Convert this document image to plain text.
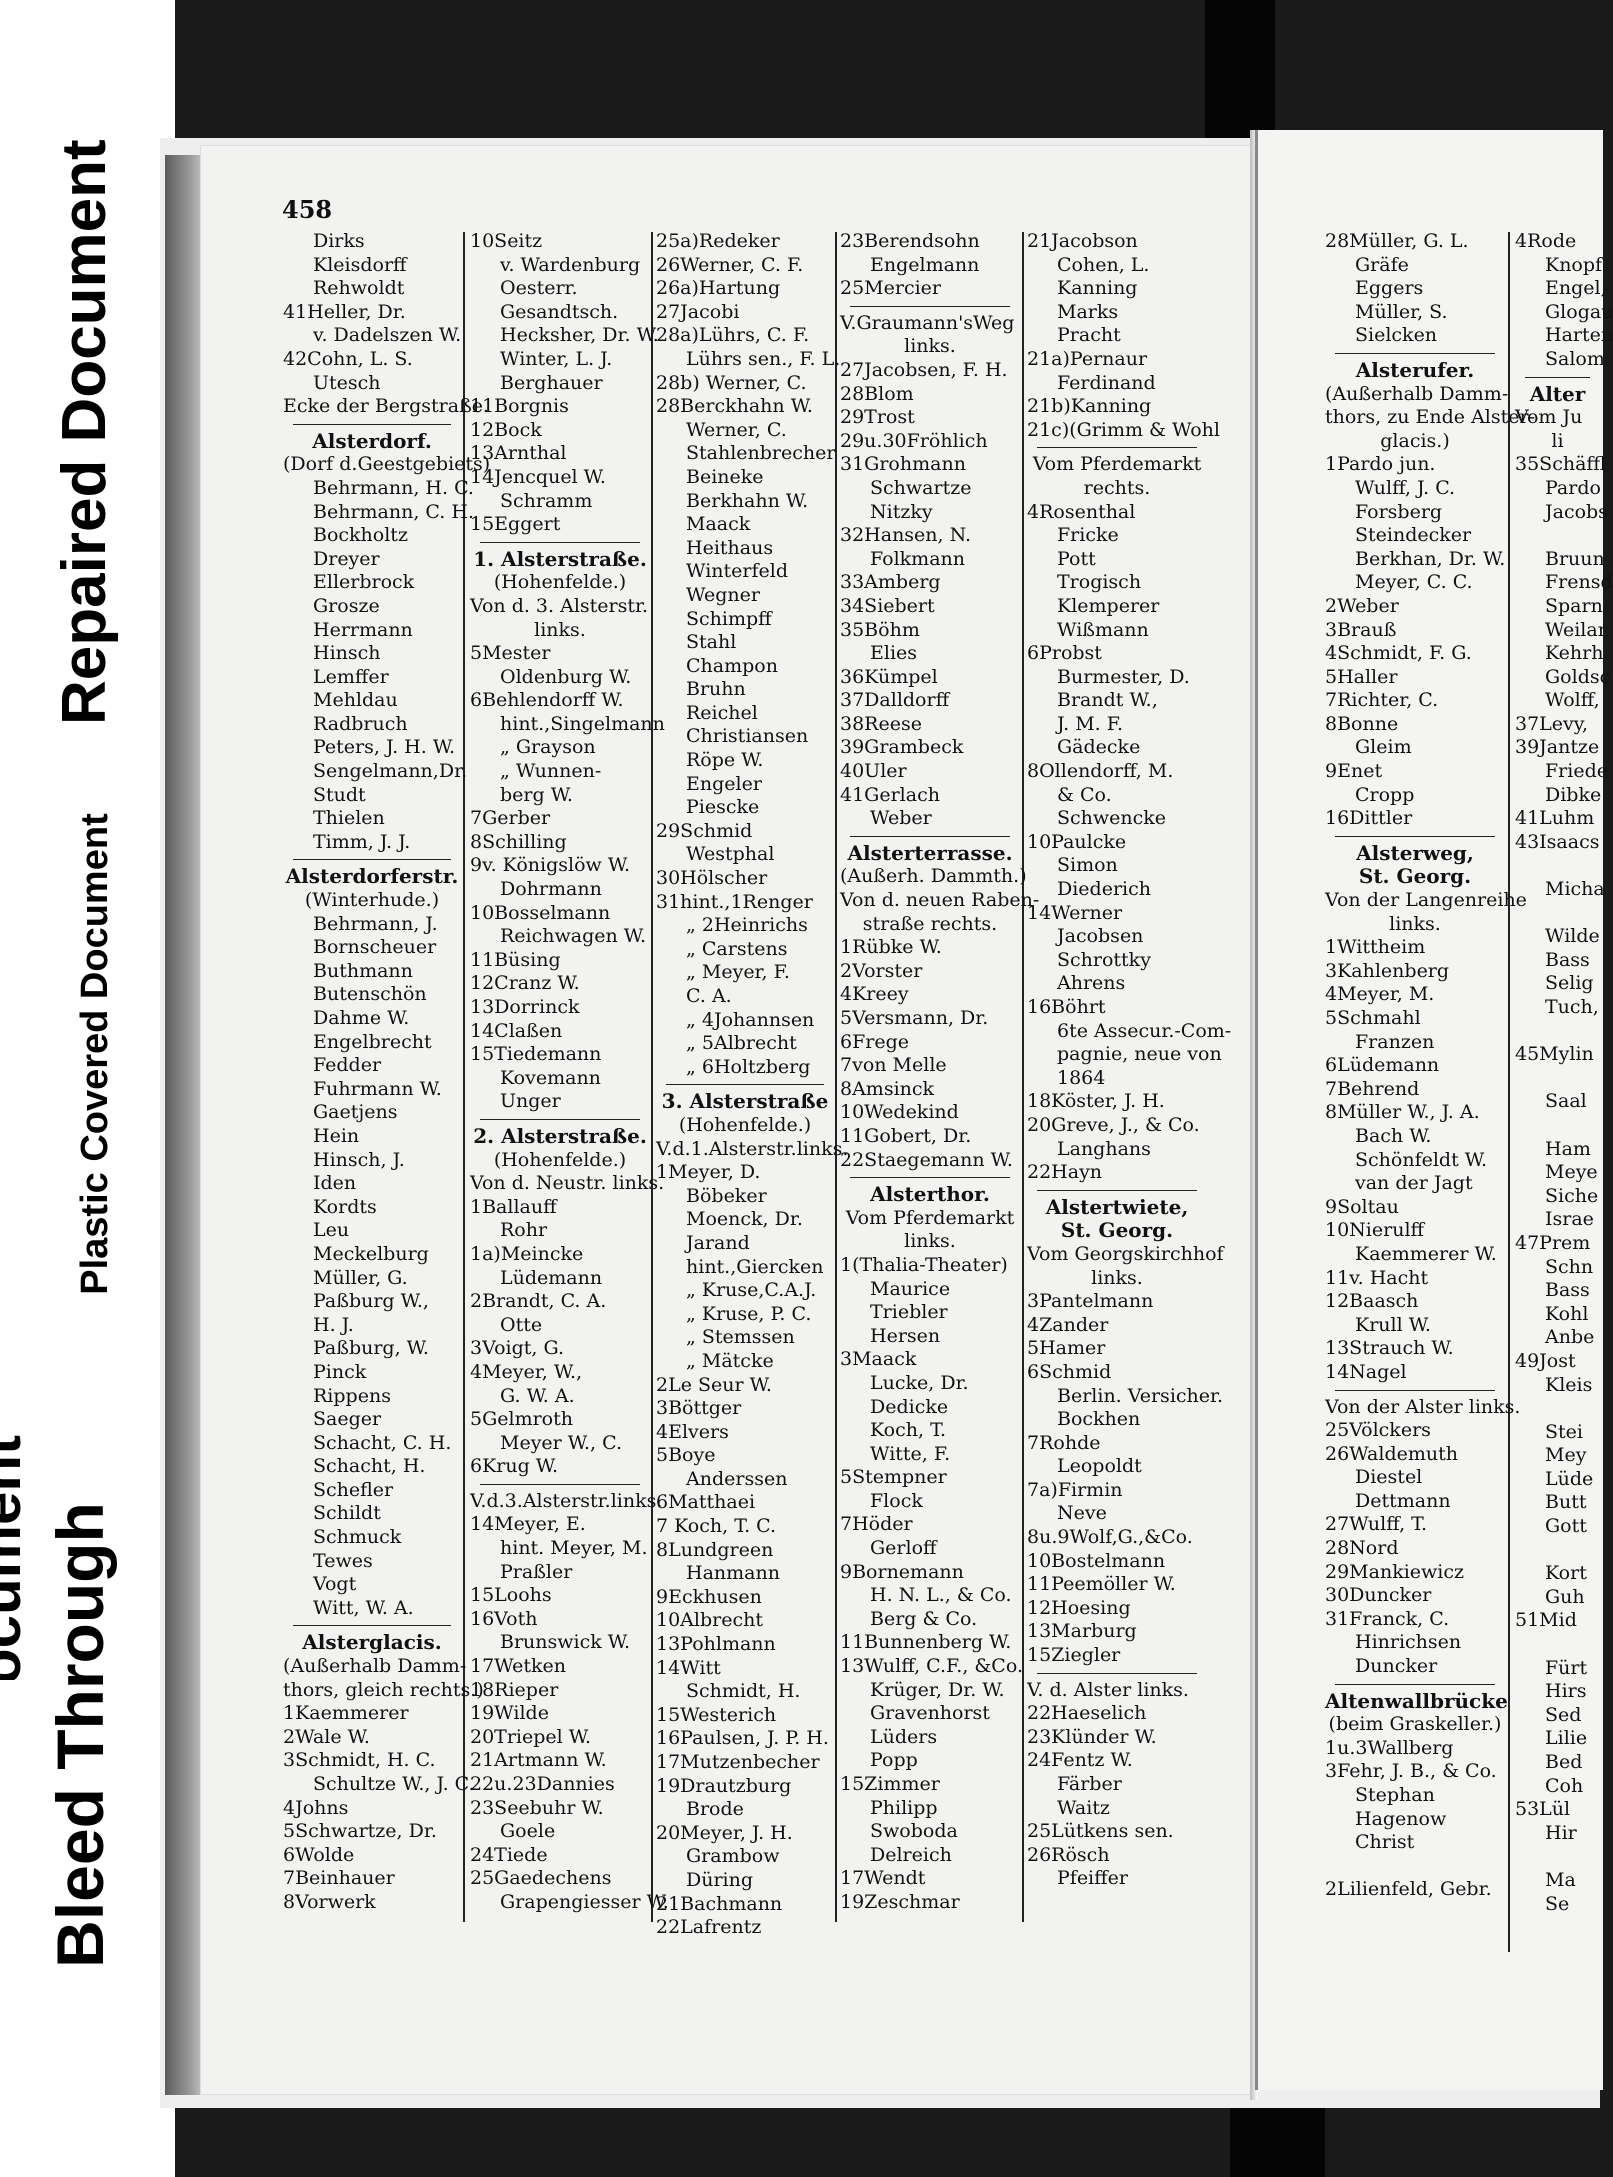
Repaired Document
Plastic Covered Document
Bleed Through
458
Dirks
Kleisdorff
Rehwoldt
41Heller, Dr.
v. Dadelszen W.
42Cohn, L. S.
Utesch
Ecke der Bergstraße.
Alsterdorf.
(Dorf d.Geestgebiets)
Behrmann, H. C.
Behrmann, C. H.
Bockholtz
Dreyer
Ellerbrock
Grosze
Herrmann
Hinsch
Lemffer
Mehldau
Radbruch
Peters, J. H. W.
Sengelmann,Dr.
Studt
Thielen
Timm, J. J.
Alsterdorferstr.
(Winterhude.)
Behrmann, J.
Bornscheuer
Buthmann
Butenschön
Dahme W.
Engelbrecht
Fedder
Fuhrmann W.
Gaetjens
Hein
Hinsch, J.
Iden
Kordts
Leu
Meckelburg
Müller, G.
Paßburg W.,
H. J.
Paßburg, W.
Pinck
Rippens
Saeger
Schacht, C. H.
Schacht, H.
Schefler
Schildt
Schmuck
Tewes
Vogt
Witt, W. A.
Alsterglacis.
(Außerhalb Damm-
thors, gleich rechts.)
1Kaemmerer
2Wale W.
3Schmidt, H. C.
Schultze W., J. C.
4Johns
5Schwartze, Dr.
6Wolde
7Beinhauer
8Vorwerk
10Seitz
v. Wardenburg
Oesterr.
Gesandtsch.
Hecksher, Dr. W.
Winter, L. J.
Berghauer
11Borgnis
12Bock
13Arnthal
14Jencquel W.
Schramm
15Eggert
1. Alsterstraße.
(Hohenfelde.)
Von d. 3. Alsterstr.
links.
5Mester
Oldenburg W.
6Behlendorff W.
hint.,Singelmann
„ Grayson
„ Wunnen-
berg W.
7Gerber
8Schilling
9v. Königslöw W.
Dohrmann
10Bosselmann
Reichwagen W.
11Büsing
12Cranz W.
13Dorrinck
14Claßen
15Tiedemann
Kovemann
Unger
2. Alsterstraße.
(Hohenfelde.)
Von d. Neustr. links.
1Ballauff
Rohr
1a)Meincke
Lüdemann
2Brandt, C. A.
Otte
3Voigt, G.
4Meyer, W.,
G. W. A.
5Gelmroth
Meyer W., C.
6Krug W.
V.d.3.Alsterstr.links.
14Meyer, E.
hint. Meyer, M.
Praßler
15Loohs
16Voth
Brunswick W.
17Wetken
18Rieper
19Wilde
20Triepel W.
21Artmann W.
22u.23Dannies
23Seebuhr W.
Goele
24Tiede
25Gaedechens
Grapengiesser W.
25a)Redeker
26Werner, C. F.
26a)Hartung
27Jacobi
28a)Lührs, C. F.
Lührs sen., F. L.
28b) Werner, C.
28Berckhahn W.
Werner, C.
Stahlenbrecher
Beineke
Berkhahn W.
Maack
Heithaus
Winterfeld
Wegner
Schimpff
Stahl
Champon
Bruhn
Reichel
Christiansen
Röpe W.
Engeler
Piescke
29Schmid
Westphal
30Hölscher
31hint.,1Renger
„ 2Heinrichs
„ Carstens
„ Meyer, F.
C. A.
„ 4Johannsen
„ 5Albrecht
„ 6Holtzberg
3. Alsterstraße
(Hohenfelde.)
V.d.1.Alsterstr.links.
1Meyer, D.
Böbeker
Moenck, Dr.
Jarand
hint.,Giercken
„ Kruse,C.A.J.
„ Kruse, P. C.
„ Stemssen
„ Mätcke
2Le Seur W.
3Böttger
4Elvers
5Boye
Anderssen
6Matthaei
7 Koch, T. C.
8Lundgreen
Hanmann
9Eckhusen
10Albrecht
13Pohlmann
14Witt
Schmidt, H.
15Westerich
16Paulsen, J. P. H.
17Mutzenbecher
19Drautzburg
Brode
20Meyer, J. H.
Grambow
Düring
21Bachmann
22Lafrentz
23Berendsohn
Engelmann
25Mercier
V.Graumann'sWeg
links.
27Jacobsen, F. H.
28Blom
29Trost
29u.30Fröhlich
31Grohmann
Schwartze
Nitzky
32Hansen, N.
Folkmann
33Amberg
34Siebert
35Böhm
Elies
36Kümpel
37Dalldorff
38Reese
39Grambeck
40Uler
41Gerlach
Weber
Alsterterrasse.
(Außerh. Dammth.)
Von d. neuen Raben-
straße rechts.
1Rübke W.
2Vorster
4Kreey
5Versmann, Dr.
6Frege
7von Melle
8Amsinck
10Wedekind
11Gobert, Dr.
22Staegemann W.
Alsterthor.
Vom Pferdemarkt
links.
1(Thalia-Theater)
Maurice
Triebler
Hersen
3Maack
Lucke, Dr.
Dedicke
Koch, T.
Witte, F.
5Stempner
Flock
7Höder
Gerloff
9Bornemann
H. N. L., & Co.
Berg & Co.
11Bunnenberg W.
13Wulff, C.F., &Co.
Krüger, Dr. W.
Gravenhorst
Lüders
Popp
15Zimmer
Philipp
Swoboda
Delreich
17Wendt
19Zeschmar
21Jacobson
Cohen, L.
Kanning
Marks
Pracht
21a)Pernaur
Ferdinand
21b)Kanning
21c)(Grimm & Wohl
Vom Pferdemarkt
rechts.
4Rosenthal
Fricke
Pott
Trogisch
Klemperer
Wißmann
6Probst
Burmester, D.
Brandt W.,
J. M. F.
Gädecke
8Ollendorff, M.
& Co.
Schwencke
10Paulcke
Simon
Diederich
14Werner
Jacobsen
Schrottky
Ahrens
16Böhrt
6te Assecur.-Com-
pagnie, neue von
1864
18Köster, J. H.
20Greve, J., & Co.
Langhans
22Hayn
Alstertwiete,
St. Georg.
Vom Georgskirchhof
links.
3Pantelmann
4Zander
5Hamer
6Schmid
Berlin. Versicher.
Bockhen
7Rohde
Leopoldt
7a)Firmin
Neve
8u.9Wolf,G.,&Co.
10Bostelmann
11Peemöller W.
12Hoesing
13Marburg
15Ziegler
V. d. Alster links.
22Haeselich
23Klünder W.
24Fentz W.
Färber
Waitz
25Lütkens sen.
26Rösch
Pfeiffer
28Müller, G. L.
Gräfe
Eggers
Müller, S.
Sielcken
Alsterufer.
(Außerhalb Damm-
thors, zu Ende Alster-
glacis.)
1Pardo jun.
Wulff, J. C.
Forsberg
Steindecker
Berkhan, Dr. W.
Meyer, C. C.
2Weber
3Brauß
4Schmidt, F. G.
5Haller
7Richter, C.
8Bonne
Gleim
9Enet
Cropp
16Dittler
Alsterweg,
St. Georg.
Von der Langenreihe
links.
1Wittheim
3Kahlenberg
4Meyer, M.
5Schmahl
Franzen
6Lüdemann
7Behrend
8Müller W., J. A.
Bach W.
Schönfeldt W.
van der Jagt
9Soltau
10Nierulff
Kaemmerer W.
11v. Hacht
12Baasch
Krull W.
13Strauch W.
14Nagel
Von der Alster links.
25Völckers
26Waldemuth
Diestel
Dettmann
27Wulff, T.
28Nord
29Mankiewicz
30Duncker
31Franck, C.
Hinrichsen
Duncker
Altenwallbrücke
(beim Graskeller.)
1u.3Wallberg
3Fehr, J. B., & Co.
Stephan
Hagenow
Christ
2Lilienfeld, Gebr.
4Rode
Knopf
Engel,
Glogau
Harten
Salom
Alter
Vom Ju
li
35Schäffl
Pardo
Jacobs
Bruun
Frensd
Sparn
Weilar
Kehrh
Goldsc
Wolff,
37Levy,
39Jantze
Friede
Dibke
41Luhm
43Isaacs
Micha
Wilde
Bass
Selig
Tuch,
45Mylin
Saal
Ham
Meye
Siche
Israe
47Prem
Schn
Bass
Kohl
Anbe
49Jost
Kleis
Stei
Mey
Lüde
Butt
Gott
Kort
Guh
51Mid
Fürt
Hirs
Sed
Lilie
Bed
Coh
53Lül
Hir
Ma
Se
